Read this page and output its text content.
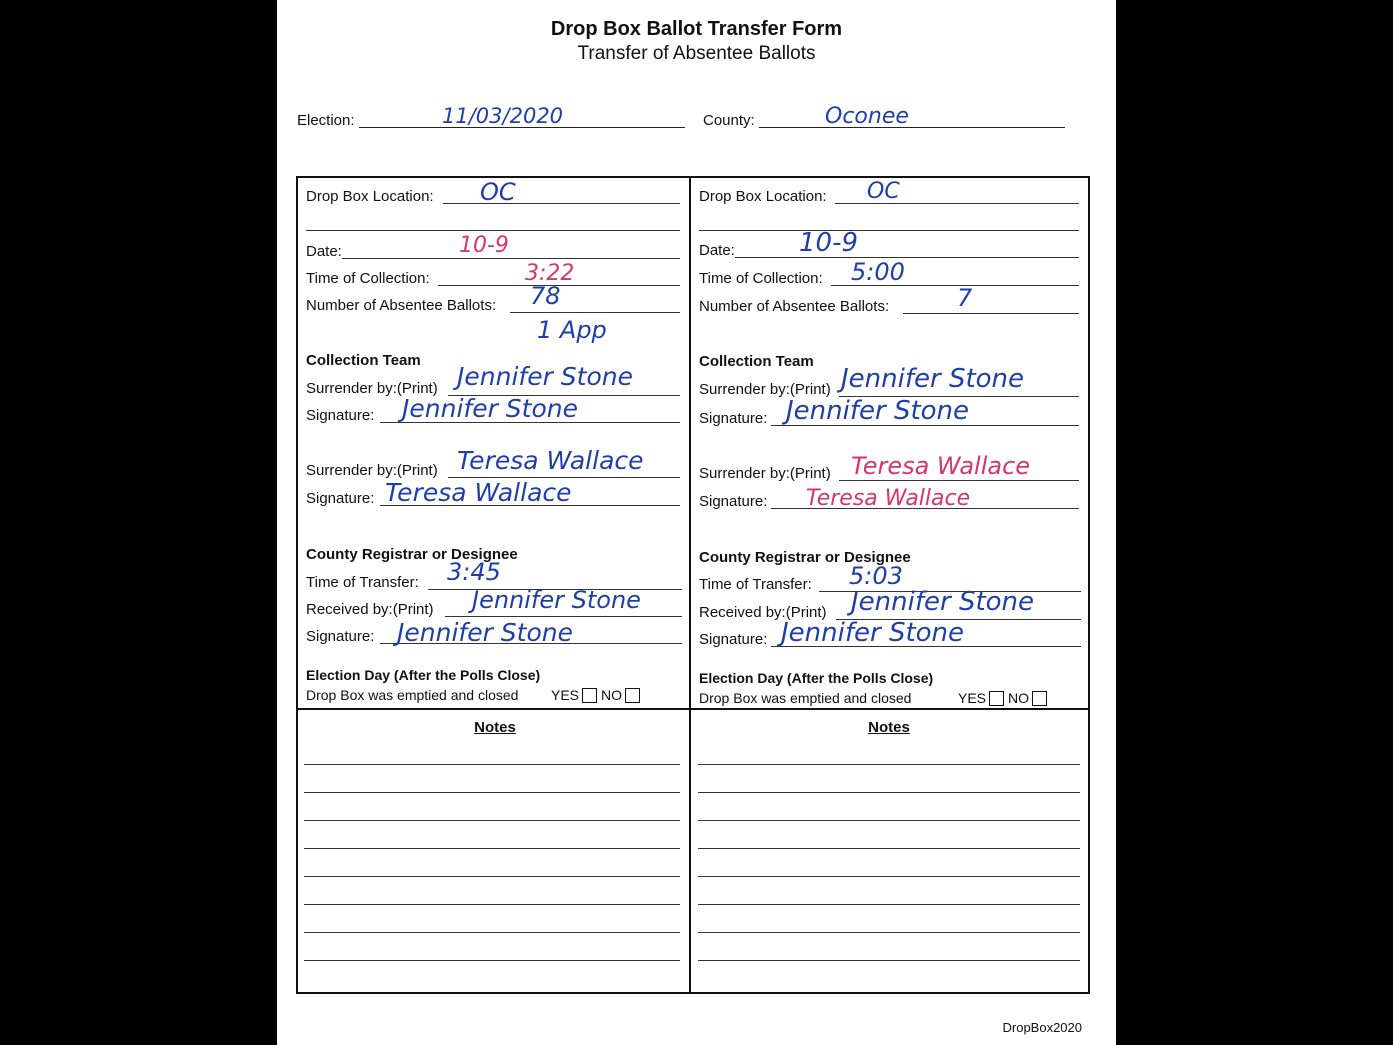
Drop Box Ballot Transfer Form
Transfer of Absentee Ballots
Election:	11/03/2020	County:	Oconee
Drop Box Location: OC
Date:	10-9
Time of Collection:	3:22
Number of Absentee Ballots: 78
1 App
Collection Team
Surrender by:(Print) Jennifer Stone
Signature: Jennifer Stone
Surrender by:(Print) Teresa Wallace
Signature: Teresa Wallace
County Registrar or Designee
Time of Transfer: 3:45
Received by:(Print) Jennifer Stone
Signature: Jennifer Stone
Election Day (After the Polls Close)
Drop Box was emptied and closed YES NO
Notes
Drop Box Location: OC
Date: 10-9
Time of Collection: 5:00
Number of Absentee Ballots:	7
Collection Team
Surrender by:(Print) Jennifer Stone
Signature: Jennifer Stone
Surrender by:(Print) Teresa Wallace
Signature: Teresa Wallace
County Registrar or Designee
Time of Transfer: 5:03
Received by:(Print) Jennifer Stone
Signature: Jennifer Stone
Election Day (After the Polls Close)
Drop Box was emptied and closed	YES NO
Notes
DropBox2020
